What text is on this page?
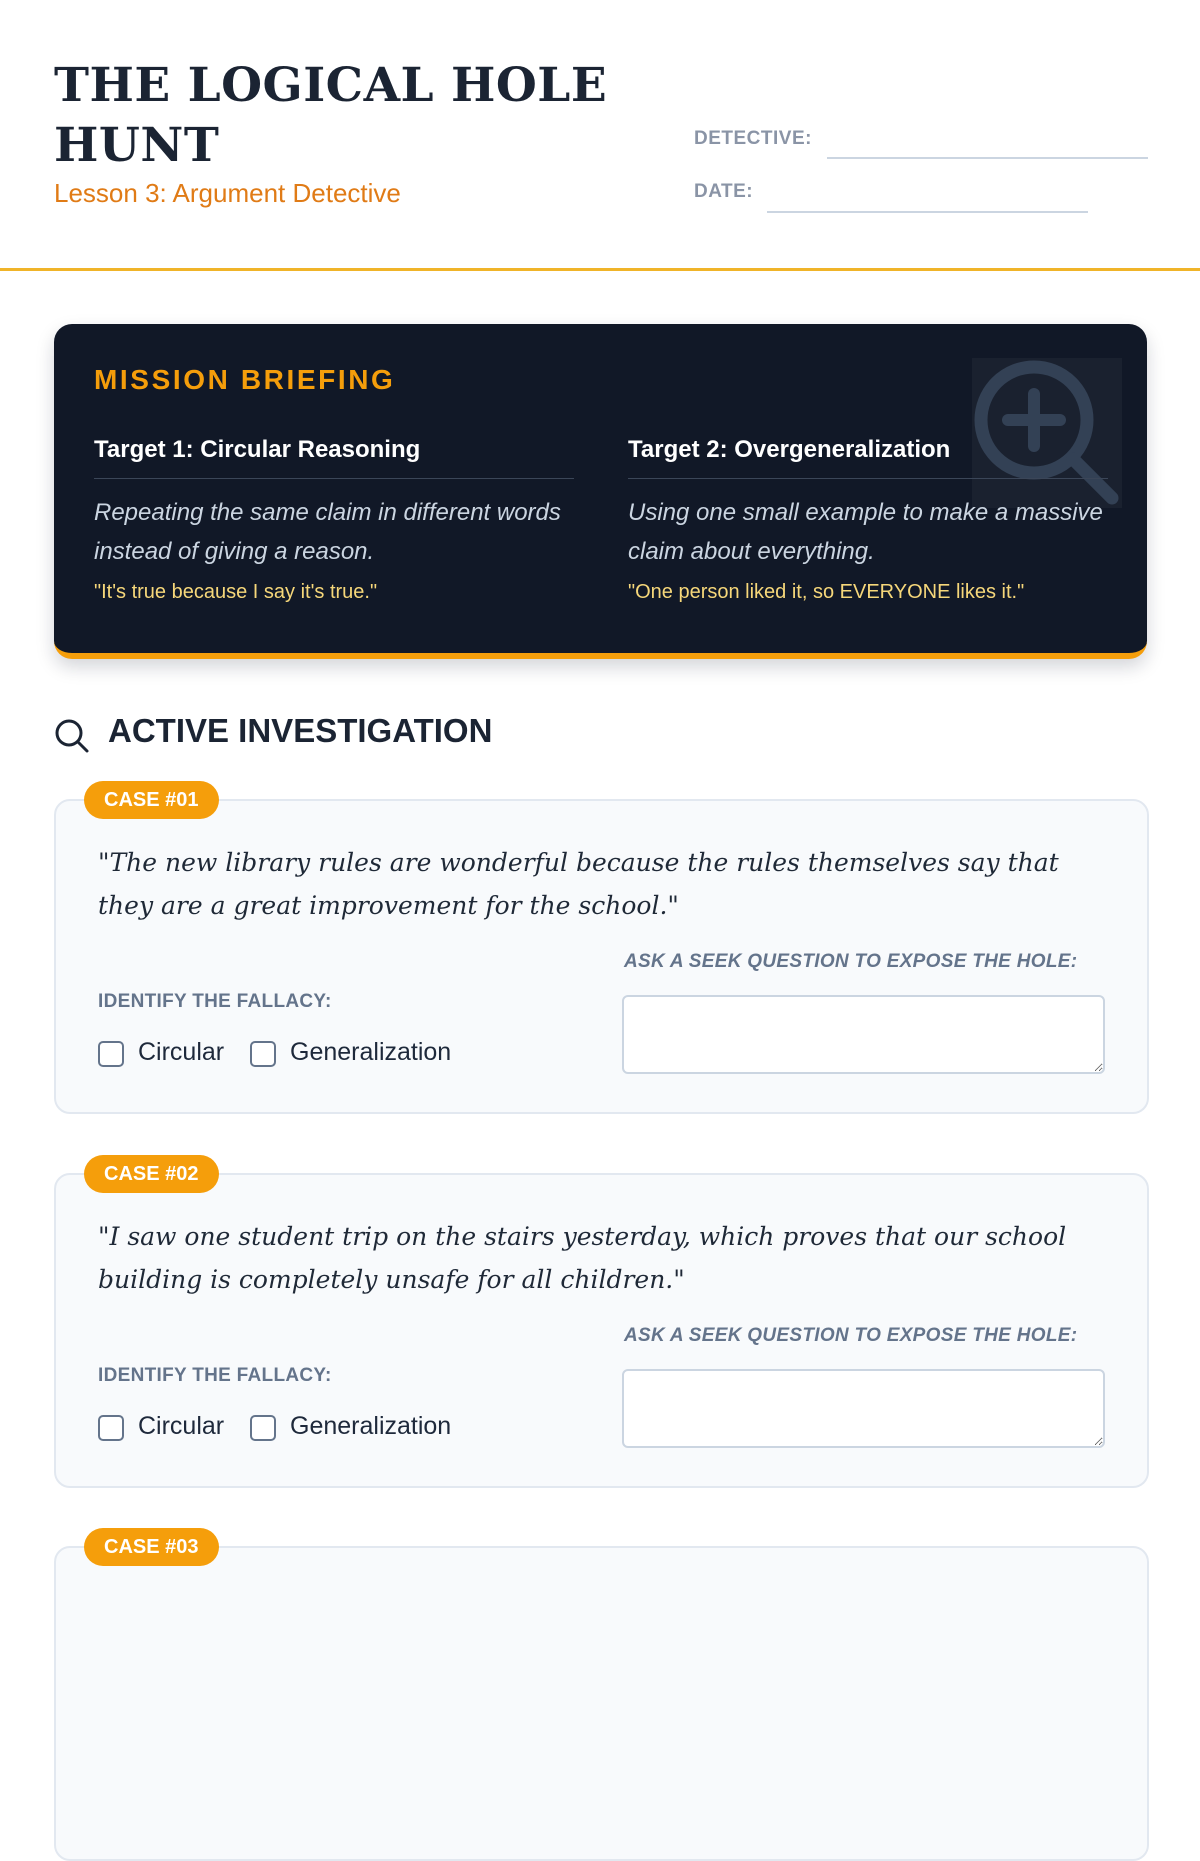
THE LOGICAL HOLE HUNT
Lesson 3: Argument Detective
DETECTIVE:
DATE:
MISSION BRIEFING
Target 1: Circular Reasoning
Repeating the same claim in different words instead of giving a reason.
"It's true because I say it's true."
Target 2: Overgeneralization
Using one small example to make a massive claim about everything.
"One person liked it, so EVERYONE likes it."
ACTIVE INVESTIGATION
CASE #01

"The new library rules are wonderful because the rules themselves say that they are a great improvement for the school."

ASK A SEEK QUESTION TO EXPOSE THE HOLE:
IDENTIFY THE FALLACY:
Circular	Generalization
CASE #02

"I saw one student trip on the stairs yesterday, which proves that our school building is completely unsafe for all children."

ASK A SEEK QUESTION TO EXPOSE THE HOLE:
IDENTIFY THE FALLACY:
Circular	Generalization
CASE #03
